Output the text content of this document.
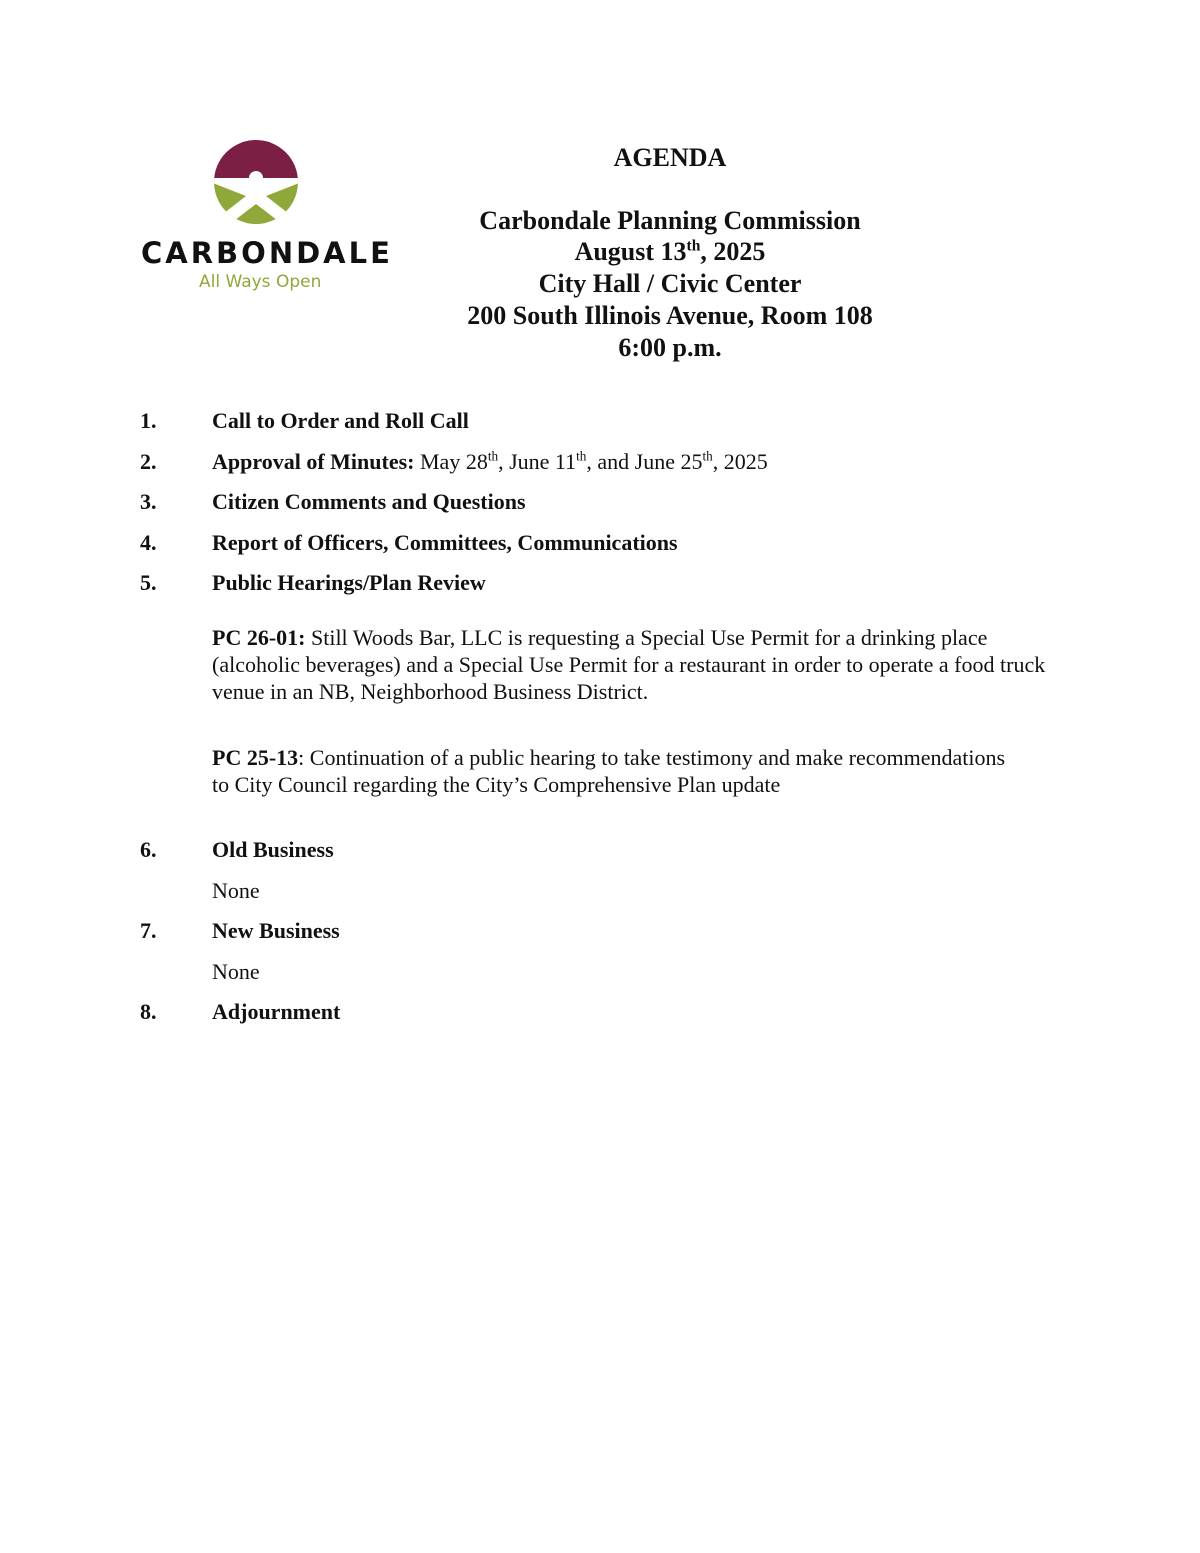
CARBONDALE
All Ways Open
AGENDA
Carbondale Planning Commission
August 13th, 2025
City Hall / Civic Center
200 South Illinois Avenue, Room 108
6:00 p.m.
1.	Call to Order and Roll Call
2.	Approval of Minutes: May 28th, June 11th, and June 25th, 2025
3.	Citizen Comments and Questions
4.	Report of Officers, Committees, Communications
5.	Public Hearings/Plan Review
PC 26-01: Still Woods Bar, LLC is requesting a Special Use Permit for a drinking place (alcoholic beverages) and a Special Use Permit for a restaurant in order to operate a food truck venue in an NB, Neighborhood Business District.
PC 25-13: Continuation of a public hearing to take testimony and make recommendations to City Council regarding the City’s Comprehensive Plan update
6.	Old Business
None
7.	New Business
None
8.	Adjournment
